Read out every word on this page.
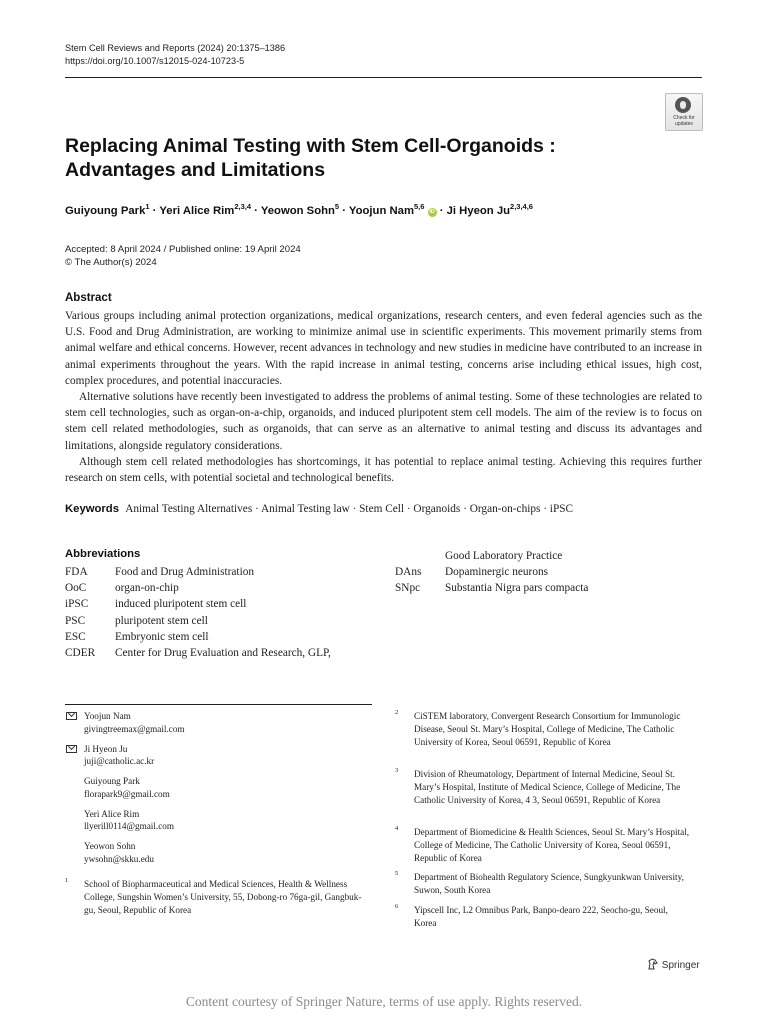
Stem Cell Reviews and Reports (2024) 20:1375–1386
https://doi.org/10.1007/s12015-024-10723-5
Check for
updates
Replacing Animal Testing with Stem Cell-Organoids : Advantages and Limitations
Guiyoung Park$^1$ · Yeri Alice Rim$^{2,3,4}$ · Yeowon Sohn$^5$ · Yoojun Nam$^{5,6}$ iD · Ji Hyeon Ju$^{2,3,4,6}$
Accepted: 8 April 2024 / Published online: 19 April 2024
© The Author(s) 2024
Abstract

Various groups including animal protection organizations, medical organizations, research centers, and even federal agencies such as the U.S. Food and Drug Administration, are working to minimize animal use in scientific experiments. This movement primarily stems from animal welfare and ethical concerns. However, recent advances in technology and new studies in medicine have contributed to an increase in animal experiments throughout the years. With the rapid increase in animal testing, concerns arise including ethical issues, high cost, complex procedures, and potential inaccuracies.

Alternative solutions have recently been investigated to address the problems of animal testing. Some of these technologies are related to stem cell technologies, such as organ-on-a-chip, organoids, and induced pluripotent stem cell models. The aim of the review is to focus on stem cell related methodologies, such as organoids, that can serve as an alternative to animal testing and discuss its advantages and limitations, alongside regulatory considerations.

Although stem cell related methodologies has shortcomings, it has potential to replace animal testing. Achieving this requires further research on stem cells, with potential societal and technological benefits.

Keywords Animal Testing Alternatives · Animal Testing law · Stem Cell · Organoids · Organ-on-chips · iPSC
Abbreviations
FDA	Food and Drug Administration
OoC	organ-on-chip
iPSC	induced pluripotent stem cell
PSC	pluripotent stem cell
ESC	Embryonic stem cell
CDER	Center for Drug Evaluation and Research, GLP,
Good Laboratory Practice
DAns	Dopaminergic neurons
SNpc	Substantia Nigra pars compacta
Yoojun Nam
givingtreemax@gmail.com
Ji Hyeon Ju
juji@catholic.ac.kr
Guiyoung Park
florapark9@gmail.com
Yeri Alice Rim
llyerill0114@gmail.com
Yeowon Sohn
ywsohn@skku.edu
1 School of Biopharmaceutical and Medical Sciences, Health & Wellness College, Sungshin Women’s University, 55, Dobong-ro 76ga-gil, Gangbuk-gu, Seoul, Republic of Korea
2 CiSTEM laboratory, Convergent Research Consortium for Immunologic Disease, Seoul St. Mary’s Hospital, College of Medicine, The Catholic University of Korea, Seoul 06591, Republic of Korea
3 Division of Rheumatology, Department of Internal Medicine, Seoul St. Mary’s Hospital, Institute of Medical Science, College of Medicine, The Catholic University of Korea, 4 3, Seoul 06591, Republic of Korea
4 Department of Biomedicine & Health Sciences, Seoul St. Mary’s Hospital, College of Medicine, The Catholic University of Korea, Seoul 06591, Republic of Korea
5 Department of Biohealth Regulatory Science, Sungkyunkwan University, Suwon, South Korea
6 Yipscell Inc, L2 Omnibus Park, Banpo-dearo 222, Seocho-gu, Seoul, Korea
Springer
Content courtesy of Springer Nature, terms of use apply. Rights reserved.
